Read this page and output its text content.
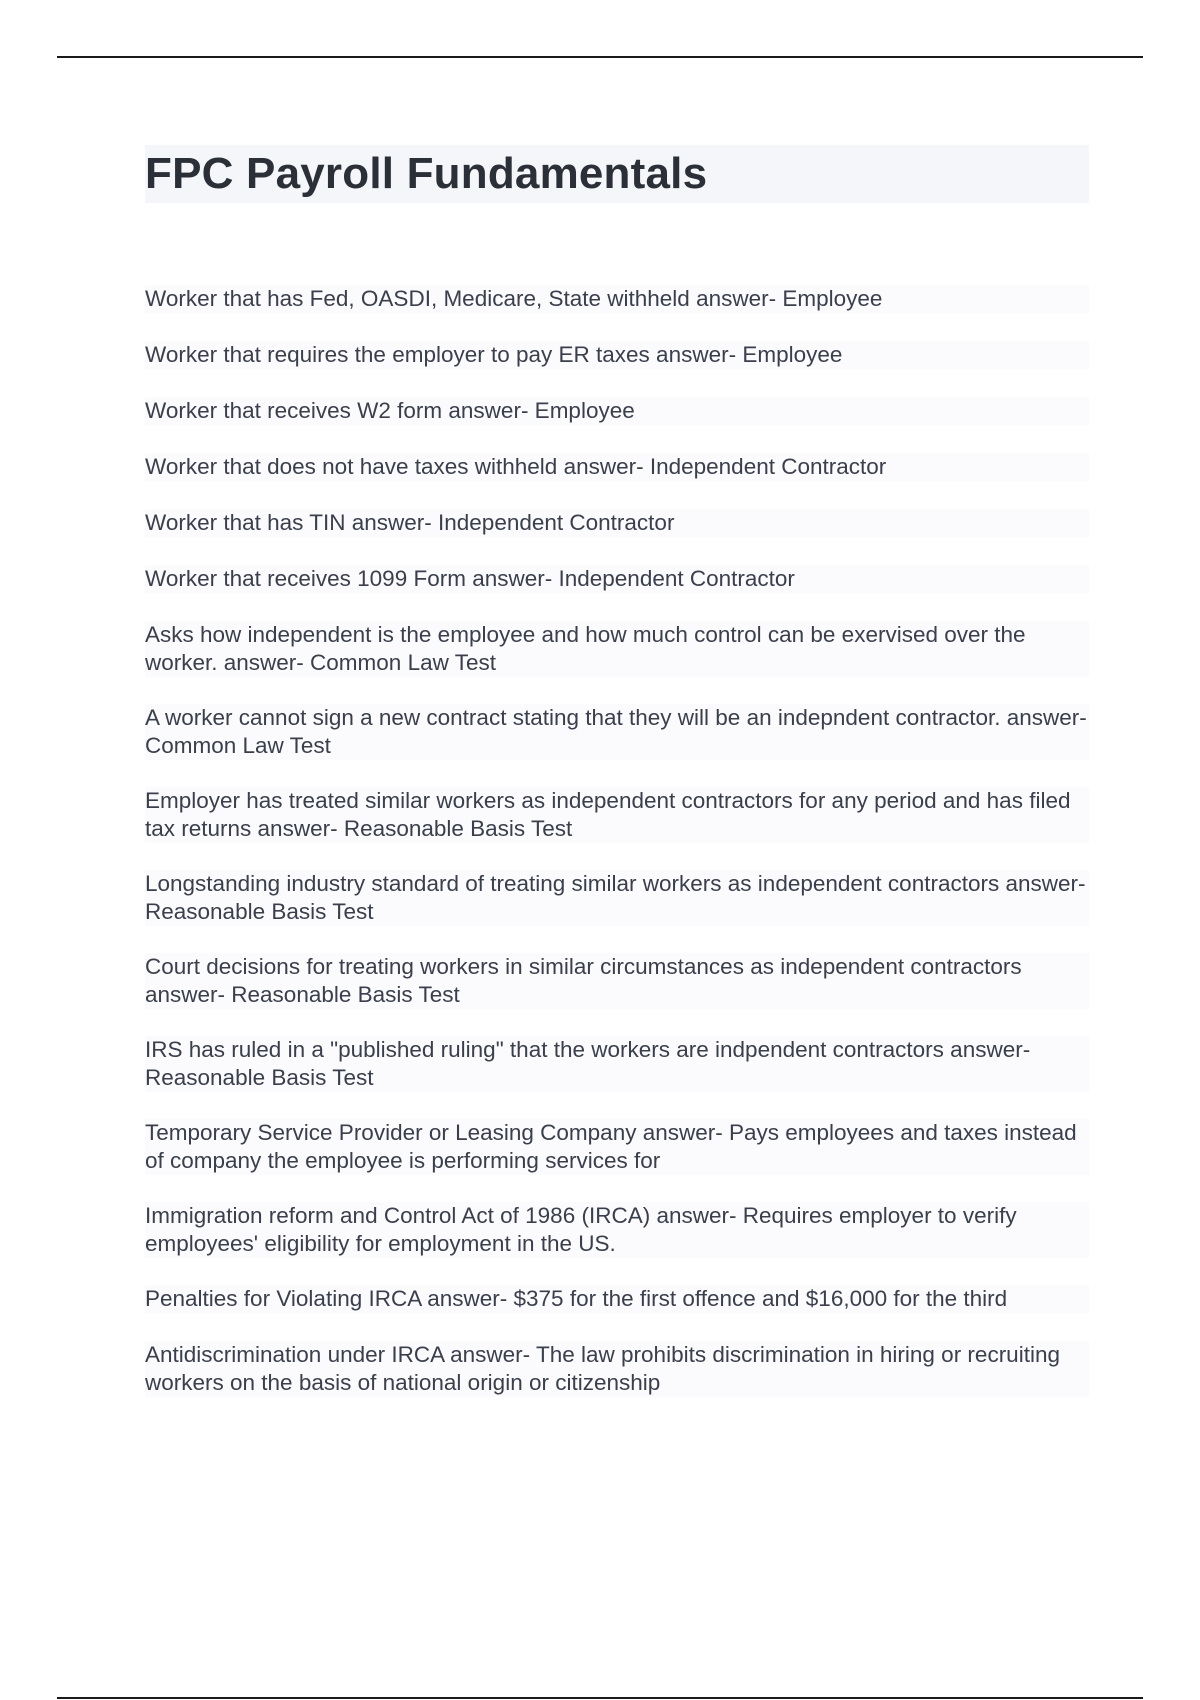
FPC Payroll Fundamentals

Worker that has Fed, OASDI, Medicare, State withheld answer- Employee

Worker that requires the employer to pay ER taxes answer- Employee

Worker that receives W2 form answer- Employee

Worker that does not have taxes withheld answer- Independent Contractor

Worker that has TIN answer- Independent Contractor

Worker that receives 1099 Form answer- Independent Contractor

Asks how independent is the employee and how much control can be exervised over the worker. answer- Common Law Test

A worker cannot sign a new contract stating that they will be an indepndent contractor. answer- Common Law Test

Employer has treated similar workers as independent contractors for any period and has filed tax returns answer- Reasonable Basis Test

Longstanding industry standard of treating similar workers as independent contractors answer- Reasonable Basis Test

Court decisions for treating workers in similar circumstances as independent contractors answer- Reasonable Basis Test

IRS has ruled in a "published ruling" that the workers are indpendent contractors answer- Reasonable Basis Test

Temporary Service Provider or Leasing Company answer- Pays employees and taxes instead of company the employee is performing services for

Immigration reform and Control Act of 1986 (IRCA) answer- Requires employer to verify employees' eligibility for employment in the US.

Penalties for Violating IRCA answer- $375 for the first offence and $16,000 for the third

Antidiscrimination under IRCA answer- The law prohibits discrimination in hiring or recruiting workers on the basis of national origin or citizenship
